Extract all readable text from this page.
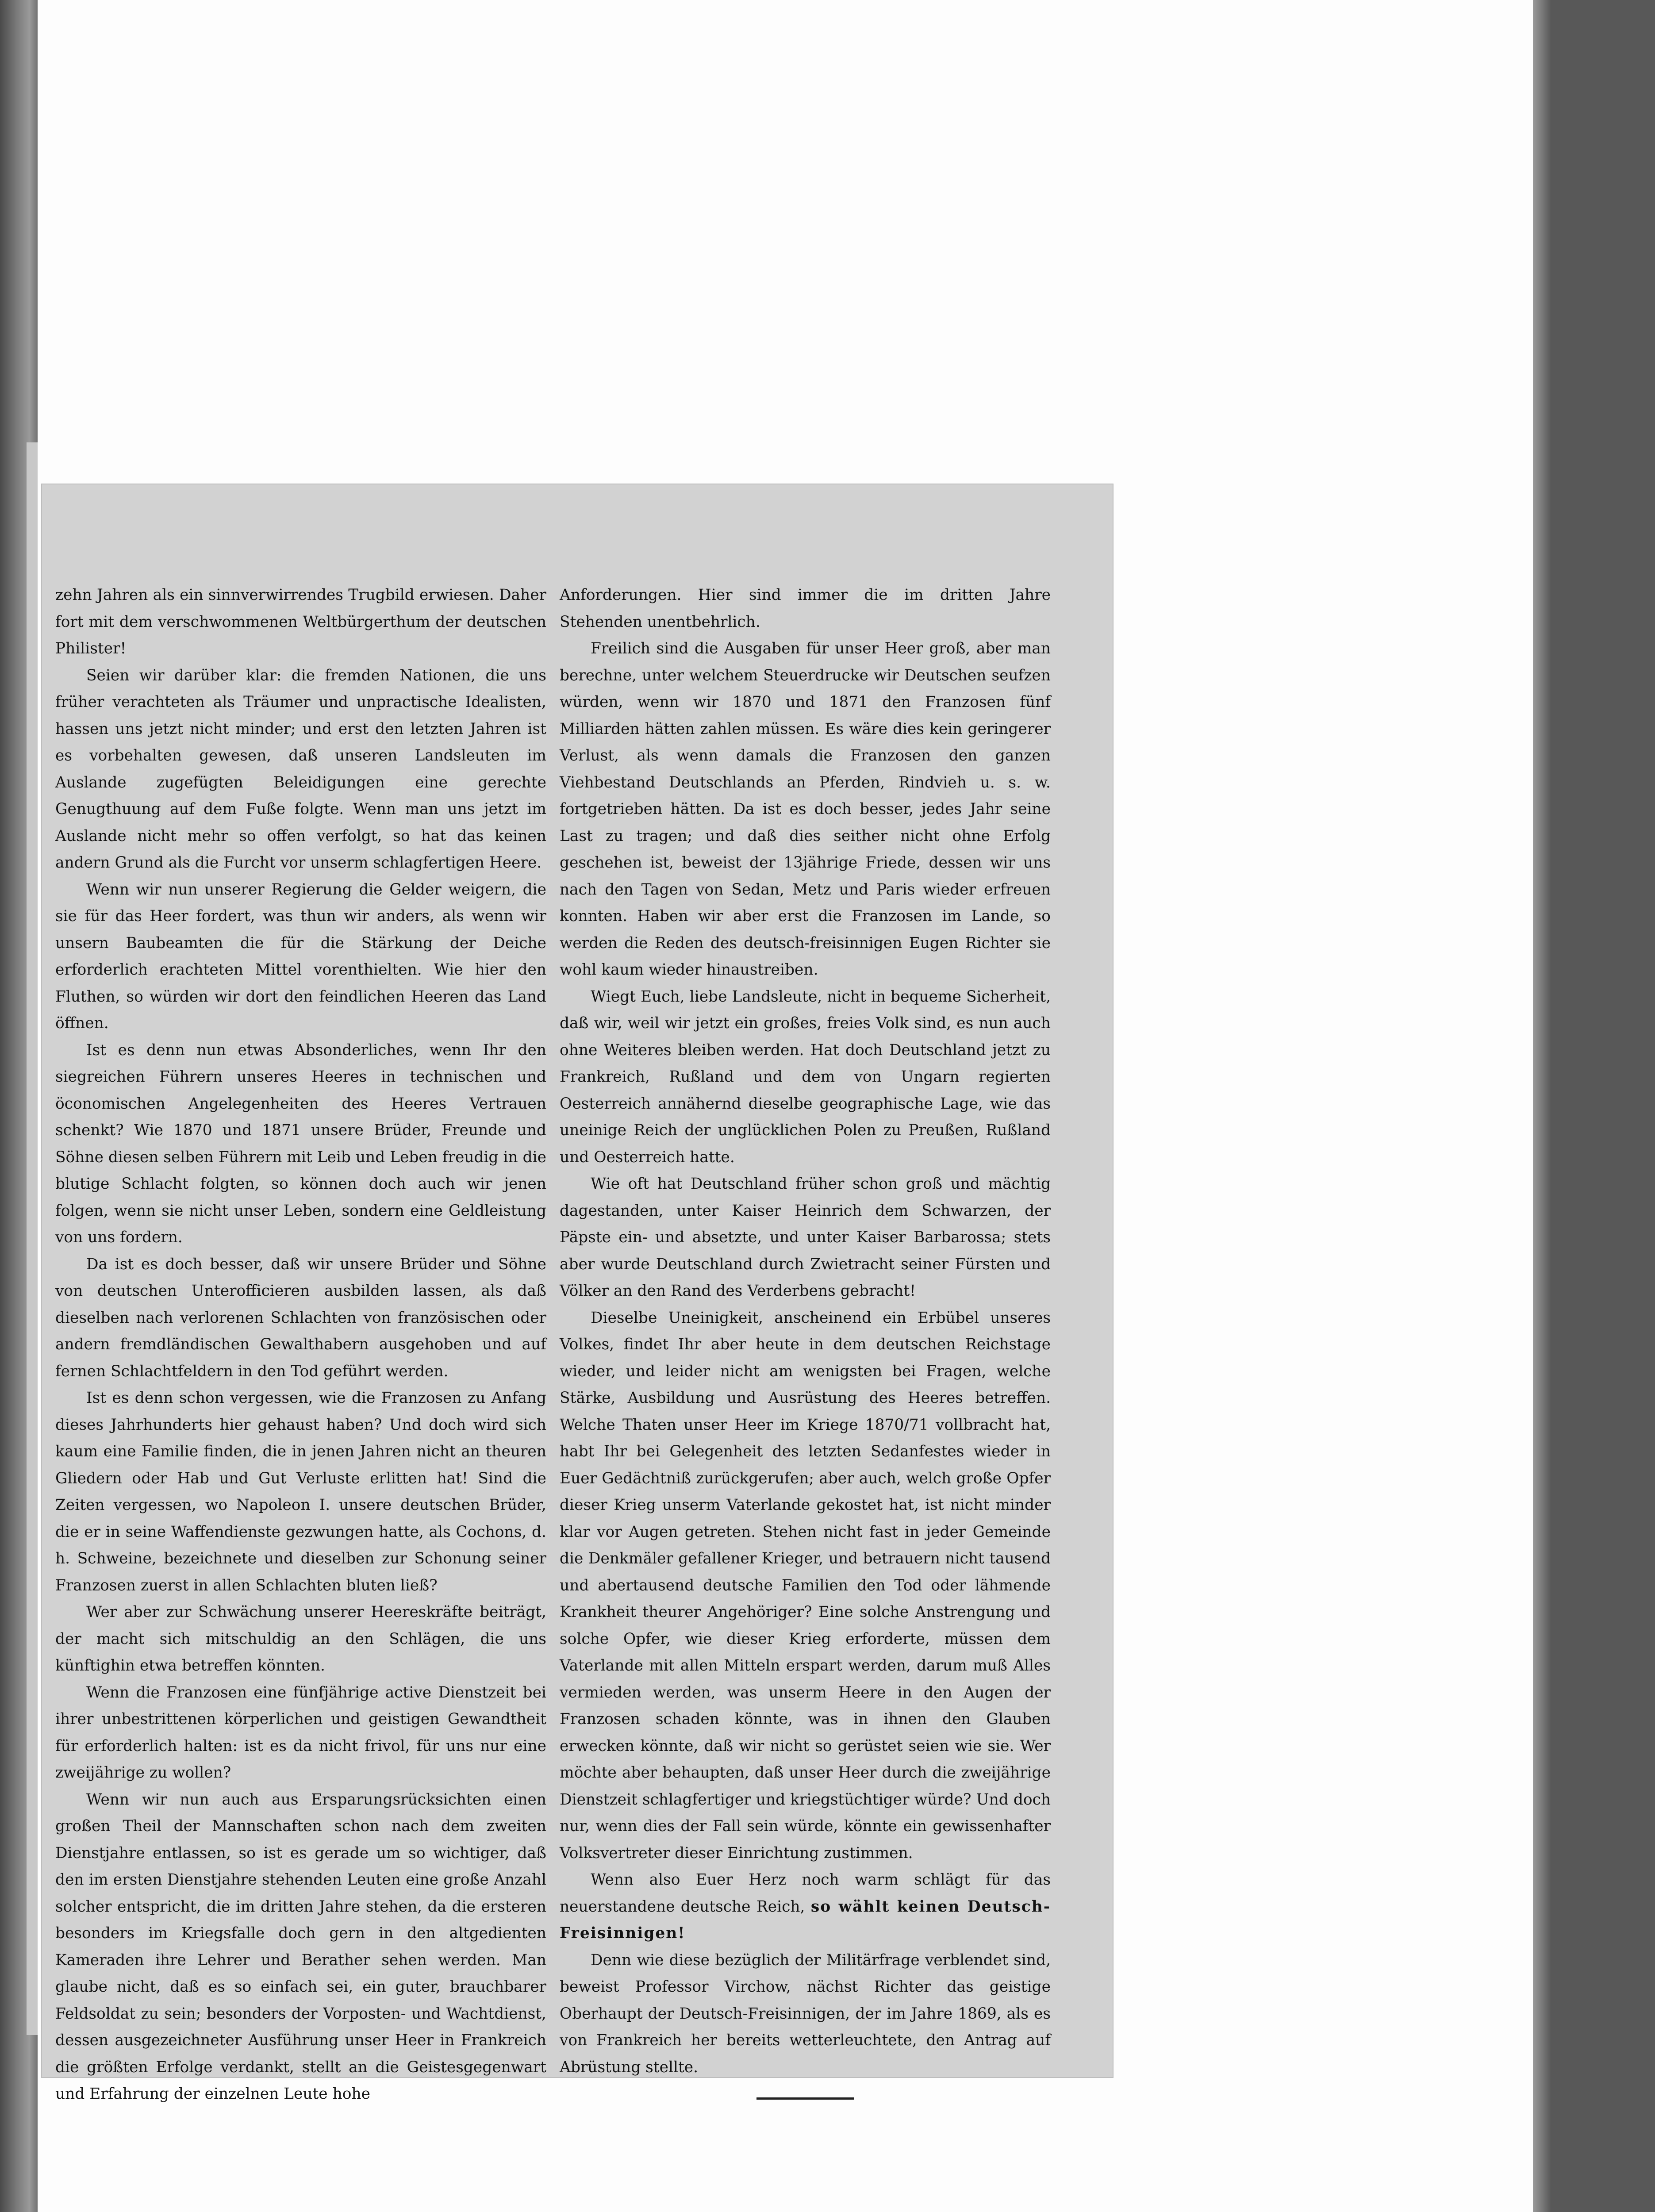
zehn Jahren als ein sinnverwirrendes Trugbild erwiesen. Daher fort mit dem verschwommenen Weltbürgerthum der deutschen Philister!

Seien wir darüber klar: die fremden Nationen, die uns früher verachteten als Träumer und unpractische Idealisten, hassen uns jetzt nicht minder; und erst den letzten Jahren ist es vorbehalten gewesen, daß unseren Landsleuten im Auslande zugefügten Beleidigungen eine gerechte Genugthuung auf dem Fuße folgte. Wenn man uns jetzt im Auslande nicht mehr so offen verfolgt, so hat das keinen andern Grund als die Furcht vor unserm schlagfertigen Heere.

Wenn wir nun unserer Regierung die Gelder weigern, die sie für das Heer fordert, was thun wir anders, als wenn wir unsern Baubeamten die für die Stärkung der Deiche erforderlich erachteten Mittel vorenthielten. Wie hier den Fluthen, so würden wir dort den feindlichen Heeren das Land öffnen.

Ist es denn nun etwas Absonderliches, wenn Ihr den siegreichen Führern unseres Heeres in technischen und öconomischen Angelegenheiten des Heeres Vertrauen schenkt? Wie 1870 und 1871 unsere Brüder, Freunde und Söhne diesen selben Führern mit Leib und Leben freudig in die blutige Schlacht folgten, so können doch auch wir jenen folgen, wenn sie nicht unser Leben, sondern eine Geldleistung von uns fordern.

Da ist es doch besser, daß wir unsere Brüder und Söhne von deutschen Unterofficieren ausbilden lassen, als daß dieselben nach verlorenen Schlachten von französischen oder andern fremdländischen Gewalthabern ausgehoben und auf fernen Schlachtfeldern in den Tod geführt werden.

Ist es denn schon vergessen, wie die Franzosen zu Anfang dieses Jahrhunderts hier gehaust haben? Und doch wird sich kaum eine Familie finden, die in jenen Jahren nicht an theuren Gliedern oder Hab und Gut Verluste erlitten hat! Sind die Zeiten vergessen, wo Napoleon I. unsere deutschen Brüder, die er in seine Waffendienste gezwungen hatte, als Cochons, d. h. Schweine, bezeichnete und dieselben zur Schonung seiner Franzosen zuerst in allen Schlachten bluten ließ?

Wer aber zur Schwächung unserer Heereskräfte beiträgt, der macht sich mitschuldig an den Schlägen, die uns künftighin etwa betreffen könnten.

Wenn die Franzosen eine fünfjährige active Dienstzeit bei ihrer unbestrittenen körperlichen und geistigen Gewandtheit für erforderlich halten: ist es da nicht frivol, für uns nur eine zweijährige zu wollen?

Wenn wir nun auch aus Ersparungsrücksichten einen großen Theil der Mannschaften schon nach dem zweiten Dienstjahre entlassen, so ist es gerade um so wichtiger, daß den im ersten Dienstjahre stehenden Leuten eine große Anzahl solcher entspricht, die im dritten Jahre stehen, da die ersteren besonders im Kriegsfalle doch gern in den altgedienten Kameraden ihre Lehrer und Berather sehen werden. Man glaube nicht, daß es so einfach sei, ein guter, brauchbarer Feldsoldat zu sein; besonders der Vorposten- und Wachtdienst, dessen ausgezeichneter Ausführung unser Heer in Frankreich die größten Erfolge verdankt, stellt an die Geistesgegenwart und Erfahrung der einzelnen Leute hohe

Anforderungen. Hier sind immer die im dritten Jahre Stehenden unentbehrlich.

Freilich sind die Ausgaben für unser Heer groß, aber man berechne, unter welchem Steuerdrucke wir Deutschen seufzen würden, wenn wir 1870 und 1871 den Franzosen fünf Milliarden hätten zahlen müssen. Es wäre dies kein geringerer Verlust, als wenn damals die Franzosen den ganzen Viehbestand Deutschlands an Pferden, Rindvieh u. s. w. fortgetrieben hätten. Da ist es doch besser, jedes Jahr seine Last zu tragen; und daß dies seither nicht ohne Erfolg geschehen ist, beweist der 13jährige Friede, dessen wir uns nach den Tagen von Sedan, Metz und Paris wieder erfreuen konnten. Haben wir aber erst die Franzosen im Lande, so werden die Reden des deutsch-freisinnigen Eugen Richter sie wohl kaum wieder hinaustreiben.

Wiegt Euch, liebe Landsleute, nicht in bequeme Sicherheit, daß wir, weil wir jetzt ein großes, freies Volk sind, es nun auch ohne Weiteres bleiben werden. Hat doch Deutschland jetzt zu Frankreich, Rußland und dem von Ungarn regierten Oesterreich annähernd dieselbe geographische Lage, wie das uneinige Reich der unglücklichen Polen zu Preußen, Rußland und Oesterreich hatte.

Wie oft hat Deutschland früher schon groß und mächtig dagestanden, unter Kaiser Heinrich dem Schwarzen, der Päpste ein- und absetzte, und unter Kaiser Barbarossa; stets aber wurde Deutschland durch Zwietracht seiner Fürsten und Völker an den Rand des Verderbens gebracht!

Dieselbe Uneinigkeit, anscheinend ein Erbübel unseres Volkes, findet Ihr aber heute in dem deutschen Reichstage wieder, und leider nicht am wenigsten bei Fragen, welche Stärke, Ausbildung und Ausrüstung des Heeres betreffen. Welche Thaten unser Heer im Kriege 1870/71 vollbracht hat, habt Ihr bei Gelegenheit des letzten Sedanfestes wieder in Euer Gedächtniß zurückgerufen; aber auch, welch große Opfer dieser Krieg unserm Vaterlande gekostet hat, ist nicht minder klar vor Augen getreten. Stehen nicht fast in jeder Gemeinde die Denkmäler gefallener Krieger, und betrauern nicht tausend und abertausend deutsche Familien den Tod oder lähmende Krankheit theurer Angehöriger? Eine solche Anstrengung und solche Opfer, wie dieser Krieg erforderte, müssen dem Vaterlande mit allen Mitteln erspart werden, darum muß Alles vermieden werden, was unserm Heere in den Augen der Franzosen schaden könnte, was in ihnen den Glauben erwecken könnte, daß wir nicht so gerüstet seien wie sie. Wer möchte aber behaupten, daß unser Heer durch die zweijährige Dienstzeit schlagfertiger und kriegstüchtiger würde? Und doch nur, wenn dies der Fall sein würde, könnte ein gewissenhafter Volksvertreter dieser Einrichtung zustimmen.

Wenn also Euer Herz noch warm schlägt für das neuerstandene deutsche Reich, so wählt keinen Deutsch-Freisinnigen!

Denn wie diese bezüglich der Militärfrage verblendet sind, beweist Professor Virchow, nächst Richter das geistige Oberhaupt der Deutsch-Freisinnigen, der im Jahre 1869, als es von Frankreich her bereits wetterleuchtete, den Antrag auf Abrüstung stellte.
